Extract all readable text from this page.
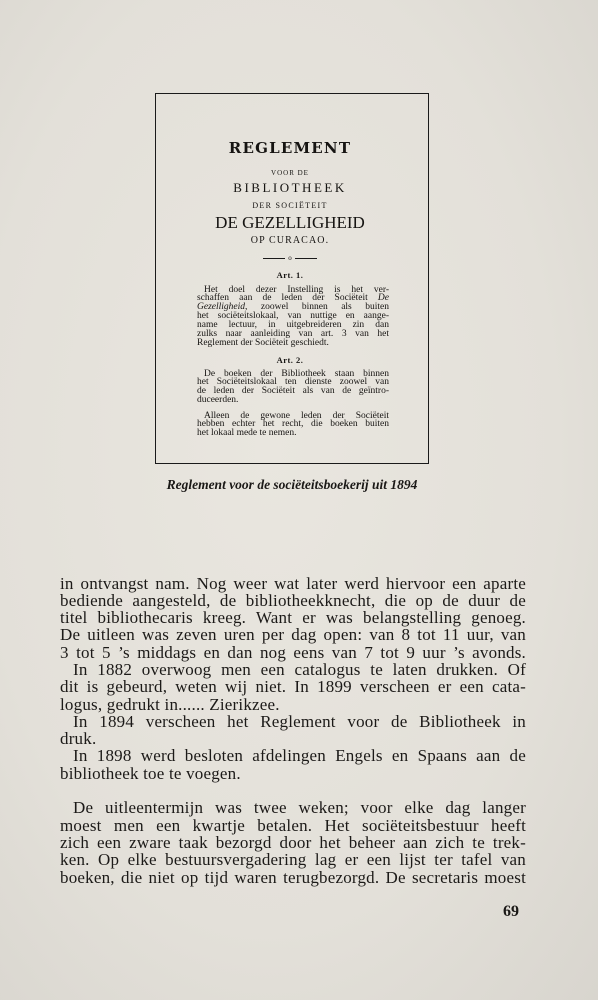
REGLEMENT
VOOR DE
BIBLIOTHEEK
DER SOCIËTEIT
DE GEZELLIGHEID
OP CURACAO.
o
Art. 1.
Het doel dezer Instelling is het ver-
schaffen aan de leden der Sociëteit De
Gezelligheid, zoowel binnen als buiten
het sociëteitslokaal, van nuttige en aange-
name lectuur, in uitgebreideren zin dan
zulks naar aanleiding van art. 3 van het
Reglement der Sociëteit geschiedt.
Art. 2.
De boeken der Bibliotheek staan binnen
het Sociëteitslokaal ten dienste zoowel van
de leden der Sociëteit als van de geïntro-
duceerden.
Alleen de gewone leden der Sociëteit
hebben echter het recht, die boeken buiten
het lokaal mede te nemen.
Reglement voor de sociëteitsboekerij uit 1894
in ontvangst nam. Nog weer wat later werd hiervoor een aparte
bediende aangesteld, de bibliotheekknecht, die op de duur de
titel bibliothecaris kreeg. Want er was belangstelling genoeg.
De uitleen was zeven uren per dag open: van 8 tot 11 uur, van
3 tot 5 ’s middags en dan nog eens van 7 tot 9 uur ’s avonds.
In 1882 overwoog men een catalogus te laten drukken. Of
dit is gebeurd, weten wij niet. In 1899 verscheen er een cata-
logus, gedrukt in...... Zierikzee.
In 1894 verscheen het Reglement voor de Bibliotheek in
druk.
In 1898 werd besloten afdelingen Engels en Spaans aan de
bibliotheek toe te voegen.
De uitleentermijn was twee weken; voor elke dag langer
moest men een kwartje betalen. Het sociëteitsbestuur heeft
zich een zware taak bezorgd door het beheer aan zich te trek-
ken. Op elke bestuursvergadering lag er een lijst ter tafel van
boeken, die niet op tijd waren terugbezorgd. De secretaris moest
69
